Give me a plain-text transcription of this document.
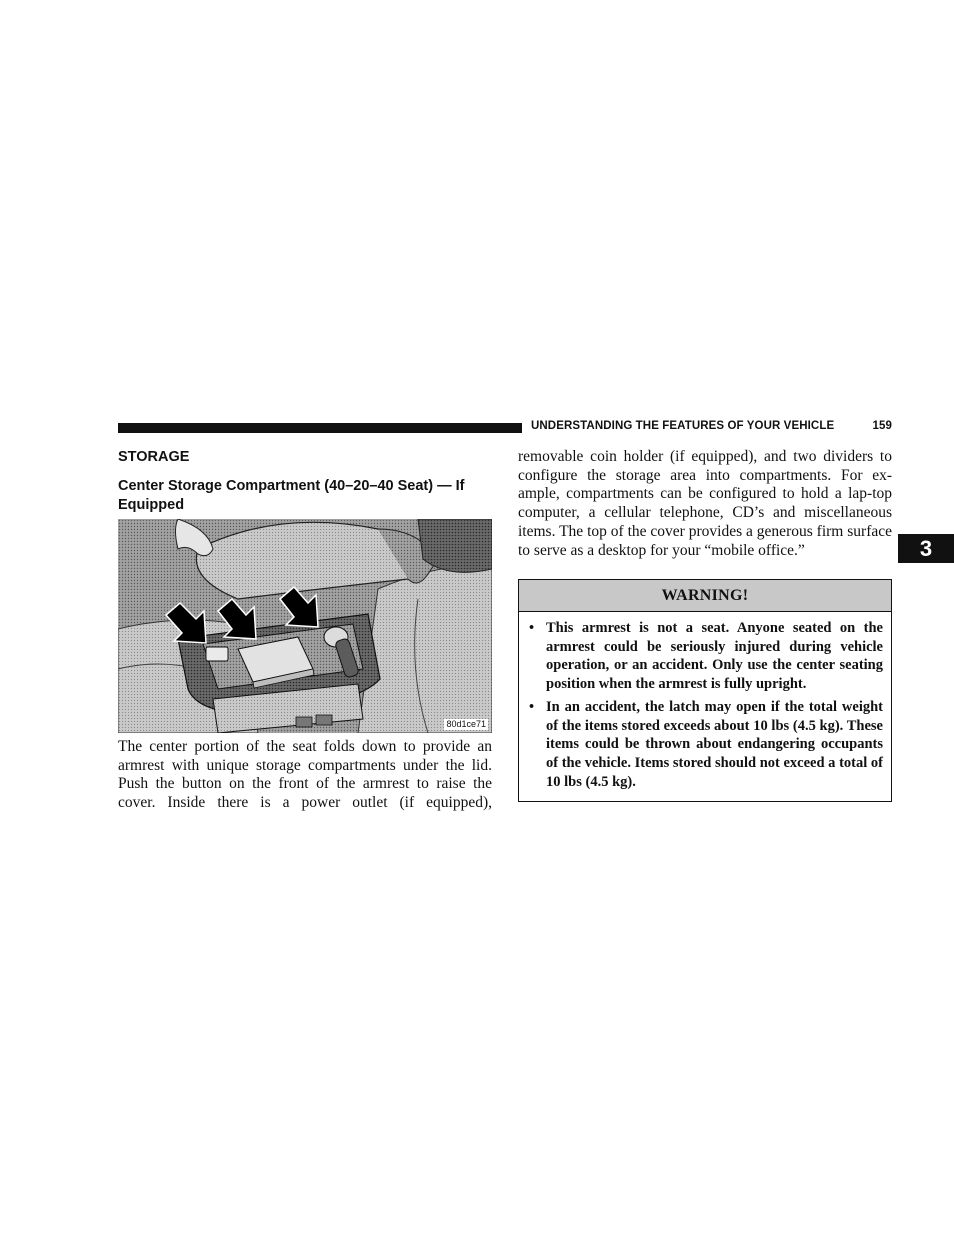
UNDERSTANDING THE FEATURES OF YOUR VEHICLE	159
3
STORAGE
Center Storage Compartment (40–20–40 Seat) — If Equipped
80d1ce71

The center portion of the seat folds down to provide an armrest with unique storage compartments under the lid. Push the button on the front of the armrest to raise the cover. Inside there is a power outlet (if equipped),

removable coin holder (if equipped), and two dividers to configure the storage area into compartments. For ex-ample, compartments can be configured to hold a lap-top computer, a cellular telephone, CD’s and miscellaneous items. The top of the cover provides a generous firm surface to serve as a desktop for your “mobile office.”

WARNING!
• This armrest is not a seat. Anyone seated on the armrest could be seriously injured during vehicle operation, or an accident. Only use the center seating position when the armrest is fully upright.
• In an accident, the latch may open if the total weight of the items stored exceeds about 10 lbs (4.5 kg). These items could be thrown about endangering occupants of the vehicle. Items stored should not exceed a total of 10 lbs (4.5 kg).
